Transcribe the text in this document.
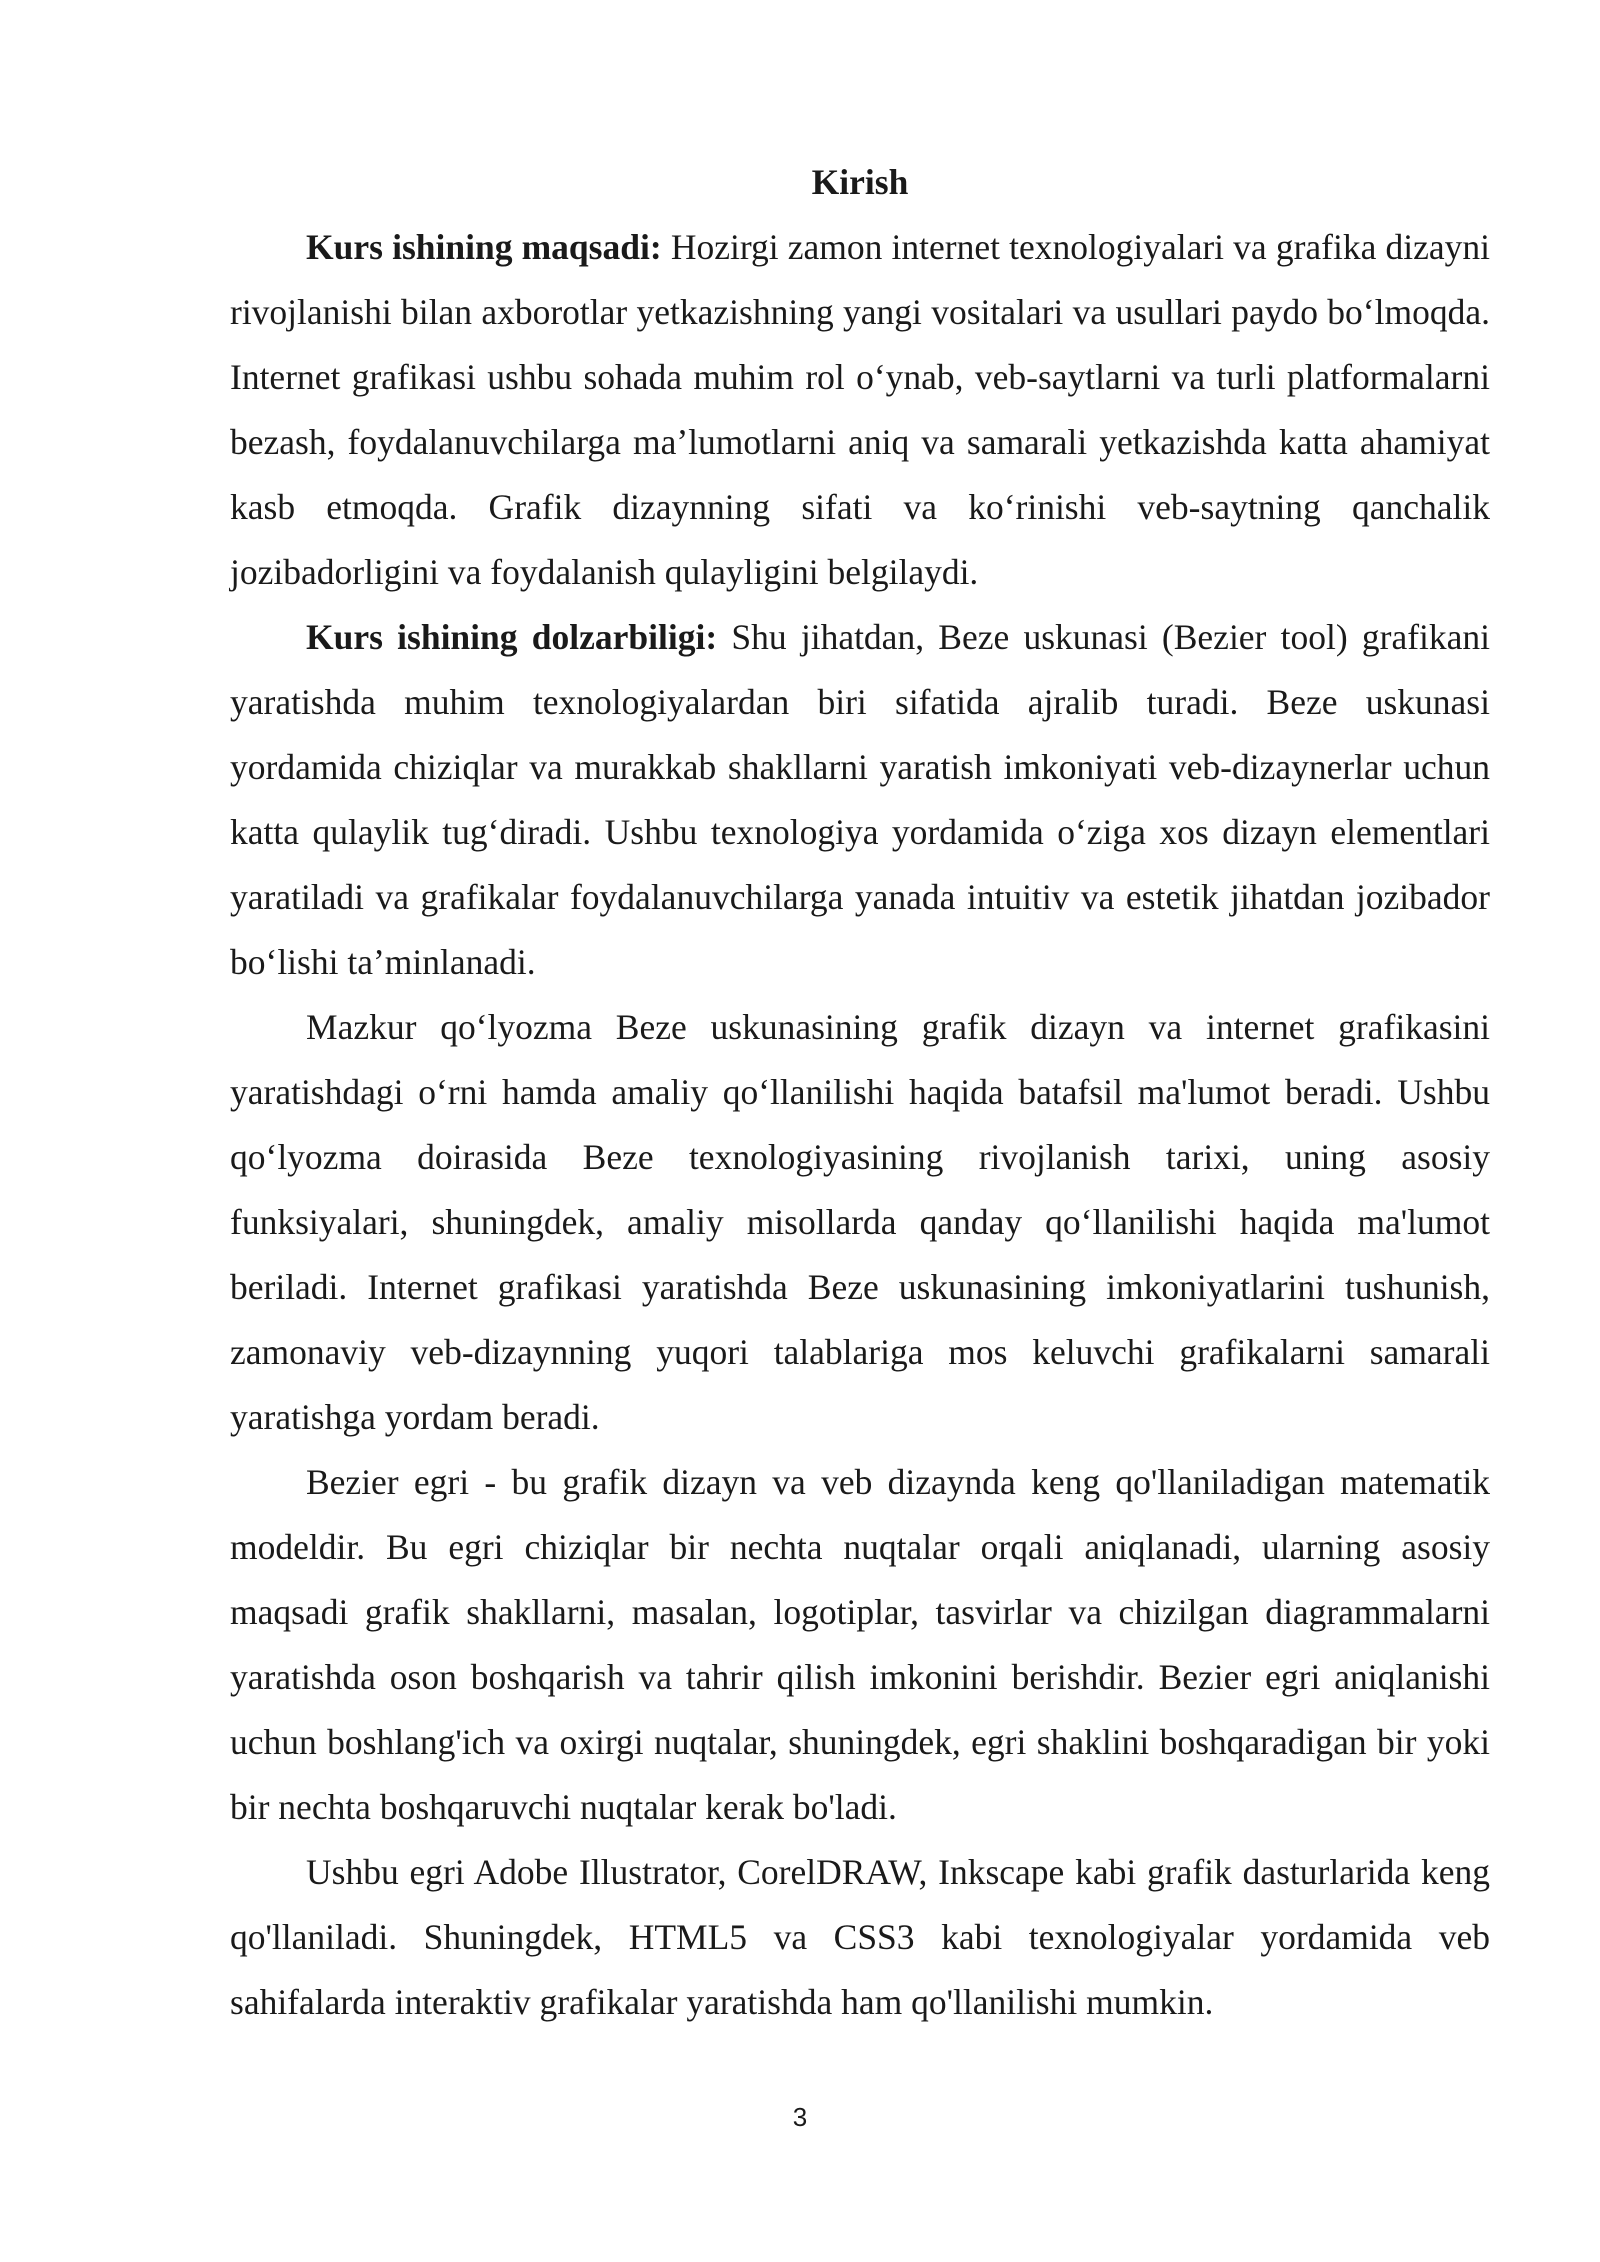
Kirish

Kurs ishining maqsadi: Hozirgi zamon internet texnologiyalari va grafika dizayni rivojlanishi bilan axborotlar yetkazishning yangi vositalari va usullari paydo boʻlmoqda. Internet grafikasi ushbu sohada muhim rol oʻynab, veb-saytlarni va turli platformalarni bezash, foydalanuvchilarga maʼlumotlarni aniq va samarali yetkazishda katta ahamiyat kasb etmoqda. Grafik dizaynning sifati va koʻrinishi veb-saytning qanchalik jozibadorligini va foydalanish qulayligini belgilaydi.

Kurs ishining dolzarbiligi: Shu jihatdan, Beze uskunasi (Bezier tool) grafikani yaratishda muhim texnologiyalardan biri sifatida ajralib turadi. Beze uskunasi yordamida chiziqlar va murakkab shakllarni yaratish imkoniyati veb-dizaynerlar uchun katta qulaylik tugʻdiradi. Ushbu texnologiya yordamida oʻziga xos dizayn elementlari yaratiladi va grafikalar foydalanuvchilarga yanada intuitiv va estetik jihatdan jozibador boʻlishi taʼminlanadi.

Mazkur qoʻlyozma Beze uskunasining grafik dizayn va internet grafikasini yaratishdagi oʻrni hamda amaliy qoʻllanilishi haqida batafsil ma'lumot beradi. Ushbu qoʻlyozma doirasida Beze texnologiyasining rivojlanish tarixi, uning asosiy funksiyalari, shuningdek, amaliy misollarda qanday qoʻllanilishi haqida ma'lumot beriladi. Internet grafikasi yaratishda Beze uskunasining imkoniyatlarini tushunish, zamonaviy veb-dizaynning yuqori talablariga mos keluvchi grafikalarni samarali yaratishga yordam beradi.

Bezier egri - bu grafik dizayn va veb dizaynda keng qo'llaniladigan matematik modeldir. Bu egri chiziqlar bir nechta nuqtalar orqali aniqlanadi, ularning asosiy maqsadi grafik shakllarni, masalan, logotiplar, tasvirlar va chizilgan diagrammalarni yaratishda oson boshqarish va tahrir qilish imkonini berishdir. Bezier egri aniqlanishi uchun boshlang'ich va oxirgi nuqtalar, shuningdek, egri shaklini boshqaradigan bir yoki bir nechta boshqaruvchi nuqtalar kerak bo'ladi.

Ushbu egri Adobe Illustrator, CorelDRAW, Inkscape kabi grafik dasturlarida keng qo'llaniladi. Shuningdek, HTML5 va CSS3 kabi texnologiyalar yordamida veb sahifalarda interaktiv grafikalar yaratishda ham qo'llanilishi mumkin.

3
